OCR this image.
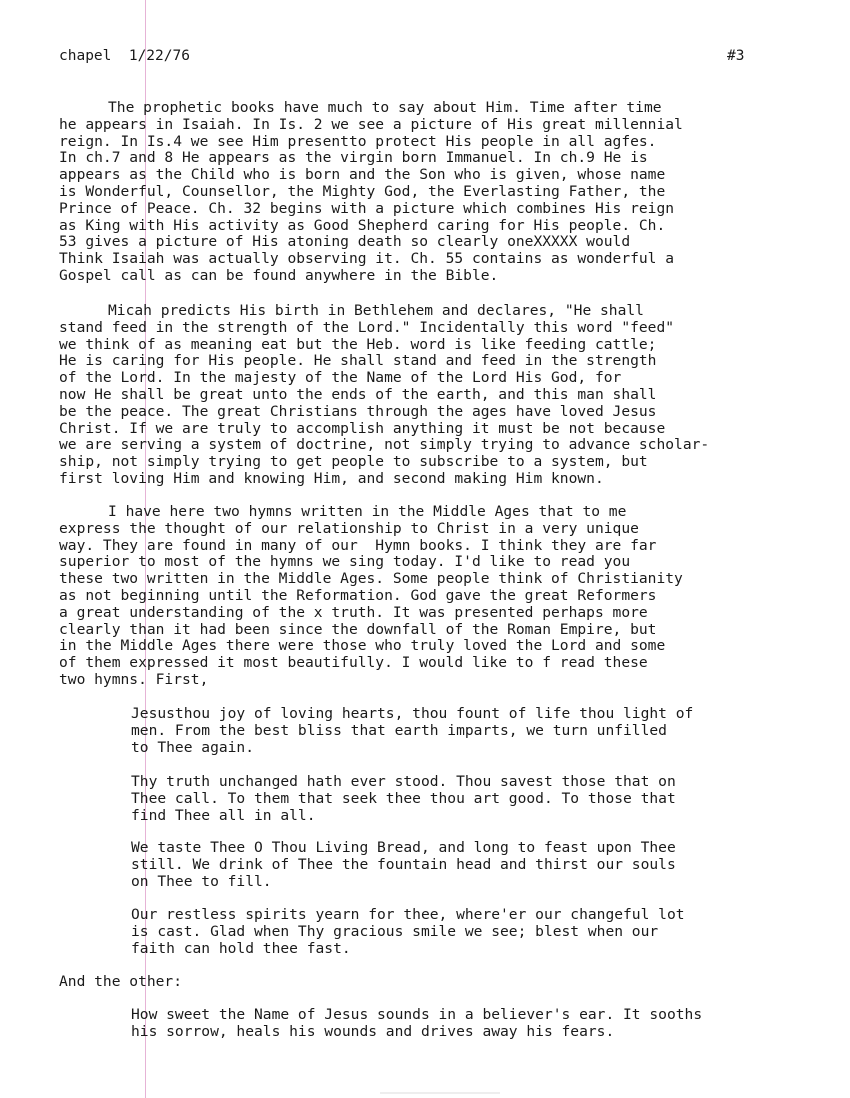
chapel  1/22/76	#3
The prophetic books have much to say about Him. Time after time
he appears in Isaiah. In Is. 2 we see a picture of His great millennial
reign. In Is.4 we see Him presentto protect His people in all agfes.
In ch.7 and 8 He appears as the virgin born Immanuel. In ch.9 He is
appears as the Child who is born and the Son who is given, whose name
is Wonderful, Counsellor, the Mighty God, the Everlasting Father, the
Prince of Peace. Ch. 32 begins with a picture which combines His reign
as King with His activity as Good Shepherd caring for His people. Ch.
53 gives a picture of His atoning death so clearly oneXXXXX would
Think Isaiah was actually observing it. Ch. 55 contains as wonderful a
Gospel call as can be found anywhere in the Bible.
Micah predicts His birth in Bethlehem and declares, "He shall
stand feed in the strength of the Lord." Incidentally this word "feed"
we think of as meaning eat but the Heb. word is like feeding cattle;
He is caring for His people. He shall stand and feed in the strength
of the Lord. In the majesty of the Name of the Lord His God, for
now He shall be great unto the ends of the earth, and this man shall
be the peace. The great Christians through the ages have loved Jesus
Christ. If we are truly to accomplish anything it must be not because
we are serving a system of doctrine, not simply trying to advance scholar-
ship, not simply trying to get people to subscribe to a system, but
first loving Him and knowing Him, and second making Him known.
I have here two hymns written in the Middle Ages that to me
express the thought of our relationship to Christ in a very unique
way. They are found in many of our  Hymn books. I think they are far
superior to most of the hymns we sing today. I'd like to read you
these two written in the Middle Ages. Some people think of Christianity
as not beginning until the Reformation. God gave the great Reformers
a great understanding of the x truth. It was presented perhaps more
clearly than it had been since the downfall of the Roman Empire, but
in the Middle Ages there were those who truly loved the Lord and some
of them expressed it most beautifully. I would like to f read these
two hymns. First,
Jesusthou joy of loving hearts, thou fount of life thou light of
men. From the best bliss that earth imparts, we turn unfilled
to Thee again.
Thy truth unchanged hath ever stood. Thou savest those that on
Thee call. To them that seek thee thou art good. To those that
find Thee all in all.
We taste Thee O Thou Living Bread, and long to feast upon Thee
still. We drink of Thee the fountain head and thirst our souls
on Thee to fill.
Our restless spirits yearn for thee, where'er our changeful lot
is cast. Glad when Thy gracious smile we see; blest when our
faith can hold thee fast.
And the other:
How sweet the Name of Jesus sounds in a believer's ear. It sooths
his sorrow, heals his wounds and drives away his fears.
